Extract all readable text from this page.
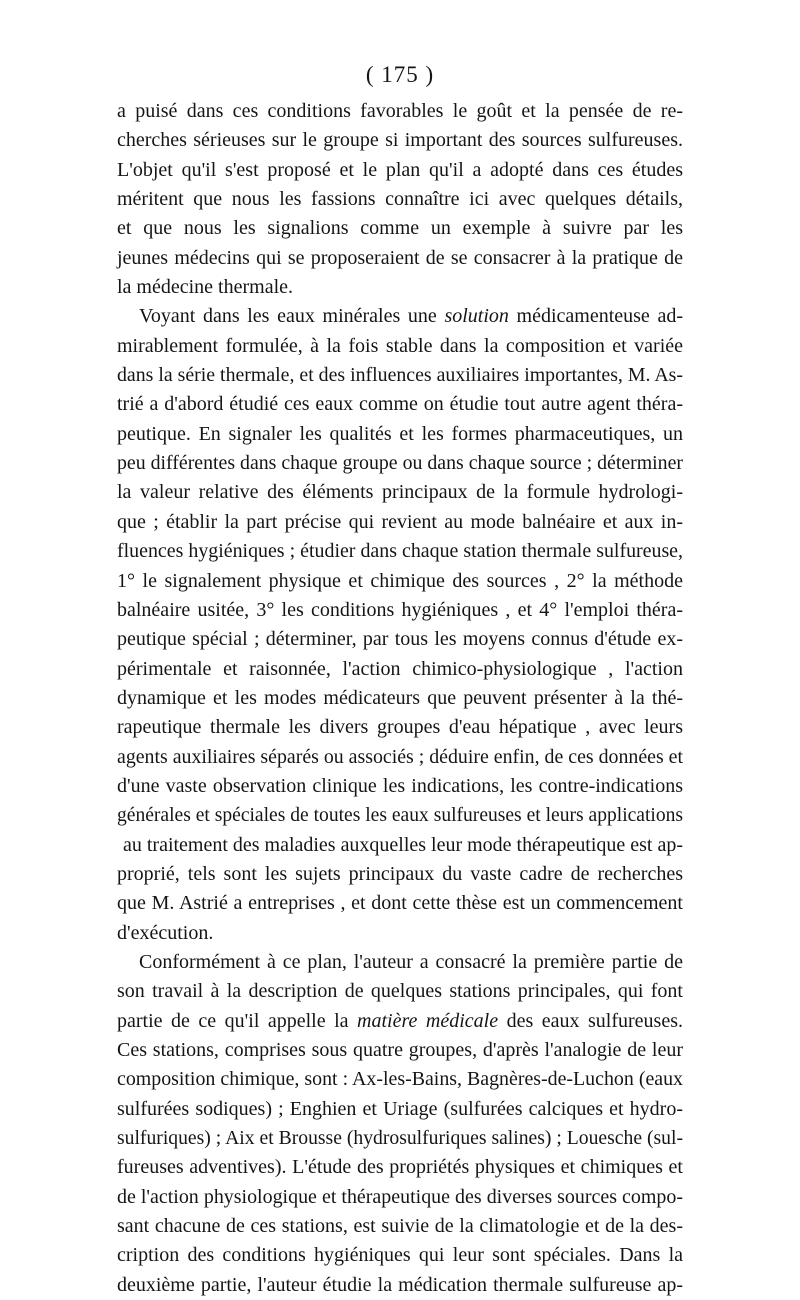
( 175 )
a puisé dans ces conditions favorables le goût et la pensée de re-
cherches sérieuses sur le groupe si important des sources sulfureuses.
L'objet qu'il s'est proposé et le plan qu'il a adopté dans ces études
méritent que nous les fassions connaître ici avec quelques détails,
et que nous les signalions comme un exemple à suivre par les
jeunes médecins qui se proposeraient de se consacrer à la pratique de
la médecine thermale.
Voyant dans les eaux minérales une solution médicamenteuse ad-
mirablement formulée, à la fois stable dans la composition et variée
dans la série thermale, et des influences auxiliaires importantes, M. As-
trié a d'abord étudié ces eaux comme on étudie tout autre agent théra-
peutique. En signaler les qualités et les formes pharmaceutiques, un
peu différentes dans chaque groupe ou dans chaque source ; déterminer
la valeur relative des éléments principaux de la formule hydrologi-
que ; établir la part précise qui revient au mode balnéaire et aux in-
fluences hygiéniques ; étudier dans chaque station thermale sulfureuse,
1° le signalement physique et chimique des sources , 2° la méthode
balnéaire usitée, 3° les conditions hygiéniques , et 4° l'emploi théra-
peutique spécial ; déterminer, par tous les moyens connus d'étude ex-
périmentale et raisonnée, l'action chimico-physiologique , l'action
dynamique et les modes médicateurs que peuvent présenter à la thé-
rapeutique thermale les divers groupes d'eau hépatique , avec leurs
agents auxiliaires séparés ou associés ; déduire enfin, de ces données et
d'une vaste observation clinique les indications, les contre-indications
générales et spéciales de toutes les eaux sulfureuses et leurs applications
au traitement des maladies auxquelles leur mode thérapeutique est ap-
proprié, tels sont les sujets principaux du vaste cadre de recherches
que M. Astrié a entreprises , et dont cette thèse est un commencement
d'exécution.
Conformément à ce plan, l'auteur a consacré la première partie de
son travail à la description de quelques stations principales, qui font
partie de ce qu'il appelle la matière médicale des eaux sulfureuses.
Ces stations, comprises sous quatre groupes, d'après l'analogie de leur
composition chimique, sont : Ax-les-Bains, Bagnères-de-Luchon (eaux
sulfurées sodiques) ; Enghien et Uriage (sulfurées calciques et hydro-
sulfuriques) ; Aix et Brousse (hydrosulfuriques salines) ; Louesche (sul-
fureuses adventives). L'étude des propriétés physiques et chimiques et
de l'action physiologique et thérapeutique des diverses sources compo-
sant chacune de ces stations, est suivie de la climatologie et de la des-
cription des conditions hygiéniques qui leur sont spéciales. Dans la
deuxième partie, l'auteur étudie la médication thermale sulfureuse ap-
